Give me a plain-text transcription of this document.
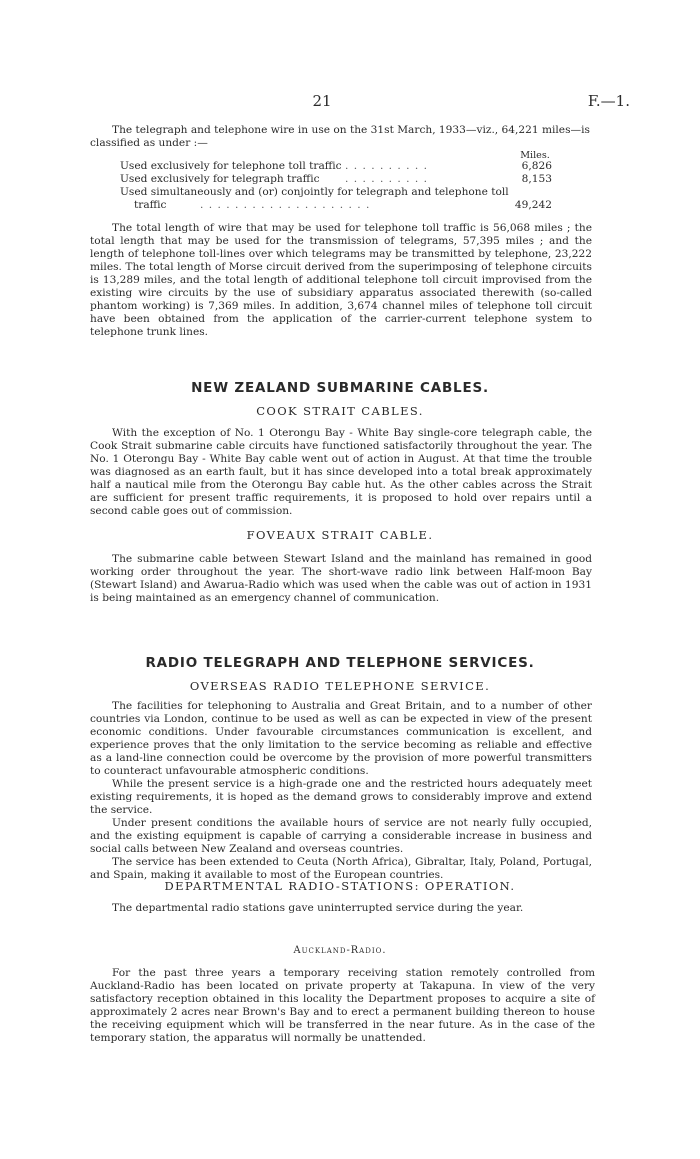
21	F.—1.

The telegraph and telephone wire in use on the 31st March, 1933—viz., 64,221 miles—is classified as under :—

Miles.
Used exclusively for telephone toll traffic . . . . . . . . . .	6,826
Used exclusively for telegraph traffic . . . . . . . . . .	8,153
Used simultaneously and (or) conjointly for telegraph and telephone toll
traffic	. . . . . . . . . . . . . . . . . . . .	49,242

The total length of wire that may be used for telephone toll traffic is 56,068 miles ; the total length that may be used for the transmission of telegrams, 57,395 miles ; and the length of telephone toll-lines over which telegrams may be transmitted by telephone, 23,222 miles. The total length of Morse circuit derived from the superimposing of telephone circuits is 13,289 miles, and the total length of additional telephone toll circuit improvised from the existing wire circuits by the use of subsidiary apparatus associated therewith (so-called phantom working) is 7,369 miles. In addition, 3,674 channel miles of telephone toll circuit have been obtained from the application of the carrier-current telephone system to telephone trunk lines.

NEW ZEALAND SUBMARINE CABLES.
COOK STRAIT CABLES.

With the exception of No. 1 Oterongu Bay - White Bay single-core telegraph cable, the Cook Strait submarine cable circuits have functioned satisfactorily throughout the year. The No. 1 Oterongu Bay - White Bay cable went out of action in August. At that time the trouble was diagnosed as an earth fault, but it has since developed into a total break approximately half a nautical mile from the Oterongu Bay cable hut. As the other cables across the Strait are sufficient for present traffic requirements, it is proposed to hold over repairs until a second cable goes out of commission.

FOVEAUX STRAIT CABLE.

The submarine cable between Stewart Island and the mainland has remained in good working order throughout the year. The short-wave radio link between Half-moon Bay (Stewart Island) and Awarua-Radio which was used when the cable was out of action in 1931 is being maintained as an emergency channel of communication.

RADIO TELEGRAPH AND TELEPHONE SERVICES.
OVERSEAS RADIO TELEPHONE SERVICE.

The facilities for telephoning to Australia and Great Britain, and to a number of other countries via London, continue to be used as well as can be expected in view of the present economic conditions. Under favourable circumstances communication is excellent, and experience proves that the only limitation to the service becoming as reliable and effective as a land-line connection could be overcome by the provision of more powerful transmitters to counteract unfavourable atmospheric conditions.

While the present service is a high-grade one and the restricted hours adequately meet existing requirements, it is hoped as the demand grows to considerably improve and extend the service.

Under present conditions the available hours of service are not nearly fully occupied, and the existing equipment is capable of carrying a considerable increase in business and social calls between New Zealand and overseas countries.

The service has been extended to Ceuta (North Africa), Gibraltar, Italy, Poland, Portugal, and Spain, making it available to most of the European countries.

DEPARTMENTAL RADIO-STATIONS: OPERATION.

The departmental radio stations gave uninterrupted service during the year.

Auckland-Radio.

For the past three years a temporary receiving station remotely controlled from Auckland-Radio has been located on private property at Takapuna. In view of the very satisfactory reception obtained in this locality the Department proposes to acquire a site of approximately 2 acres near Brown's Bay and to erect a permanent building thereon to house the receiving equipment which will be transferred in the near future. As in the case of the temporary station, the apparatus will normally be unattended.
